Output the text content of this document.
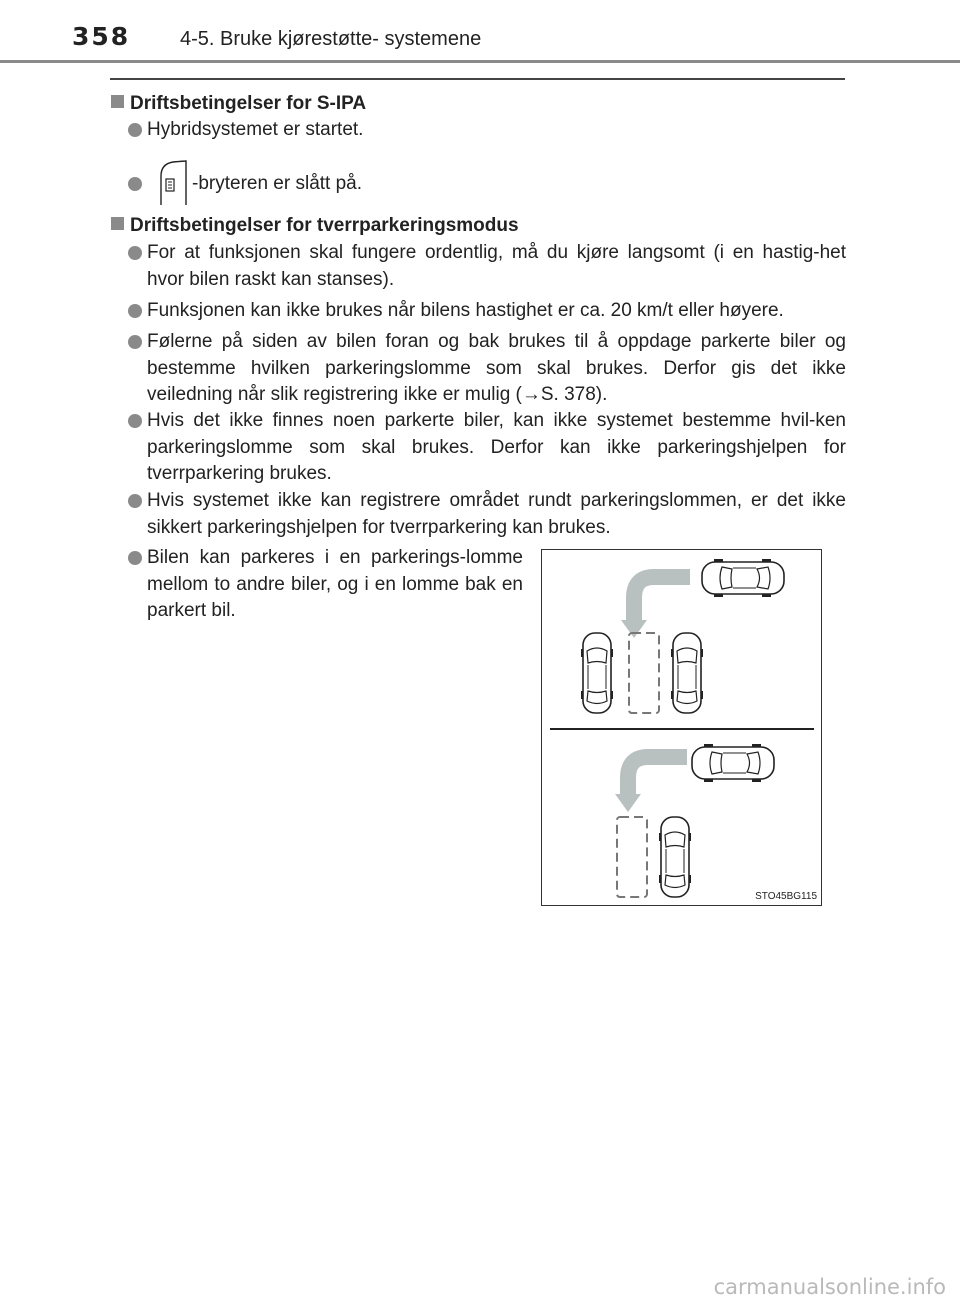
358 4-5. Bruke kjørestøtte- systemene
Driftsbetingelser for S-IPA
Hybridsystemet er startet.
-bryteren er slått på.
Driftsbetingelser for tverrparkeringsmodus
For at funksjonen skal fungere ordentlig, må du kjøre langsomt (i en hastig-het hvor bilen raskt kan stanses).
Funksjonen kan ikke brukes når bilens hastighet er ca. 20 km/t eller høyere.
Følerne på siden av bilen foran og bak brukes til å oppdage parkerte biler og bestemme hvilken parkeringslomme som skal brukes. Derfor gis det ikke veiledning når slik registrering ikke er mulig (→S. 378).
Hvis det ikke finnes noen parkerte biler, kan ikke systemet bestemme hvil-ken parkeringslomme som skal brukes. Derfor kan ikke parkeringshjelpen for tverrparkering brukes.
Hvis systemet ikke kan registrere området rundt parkeringslommen, er det ikke sikkert parkeringshjelpen for tverrparkering kan brukes.
Bilen kan parkeres i en parkerings-lomme mellom to andre biler, og i en lomme bak en parkert bil.
STO45BG115
carmanualsonline.info
